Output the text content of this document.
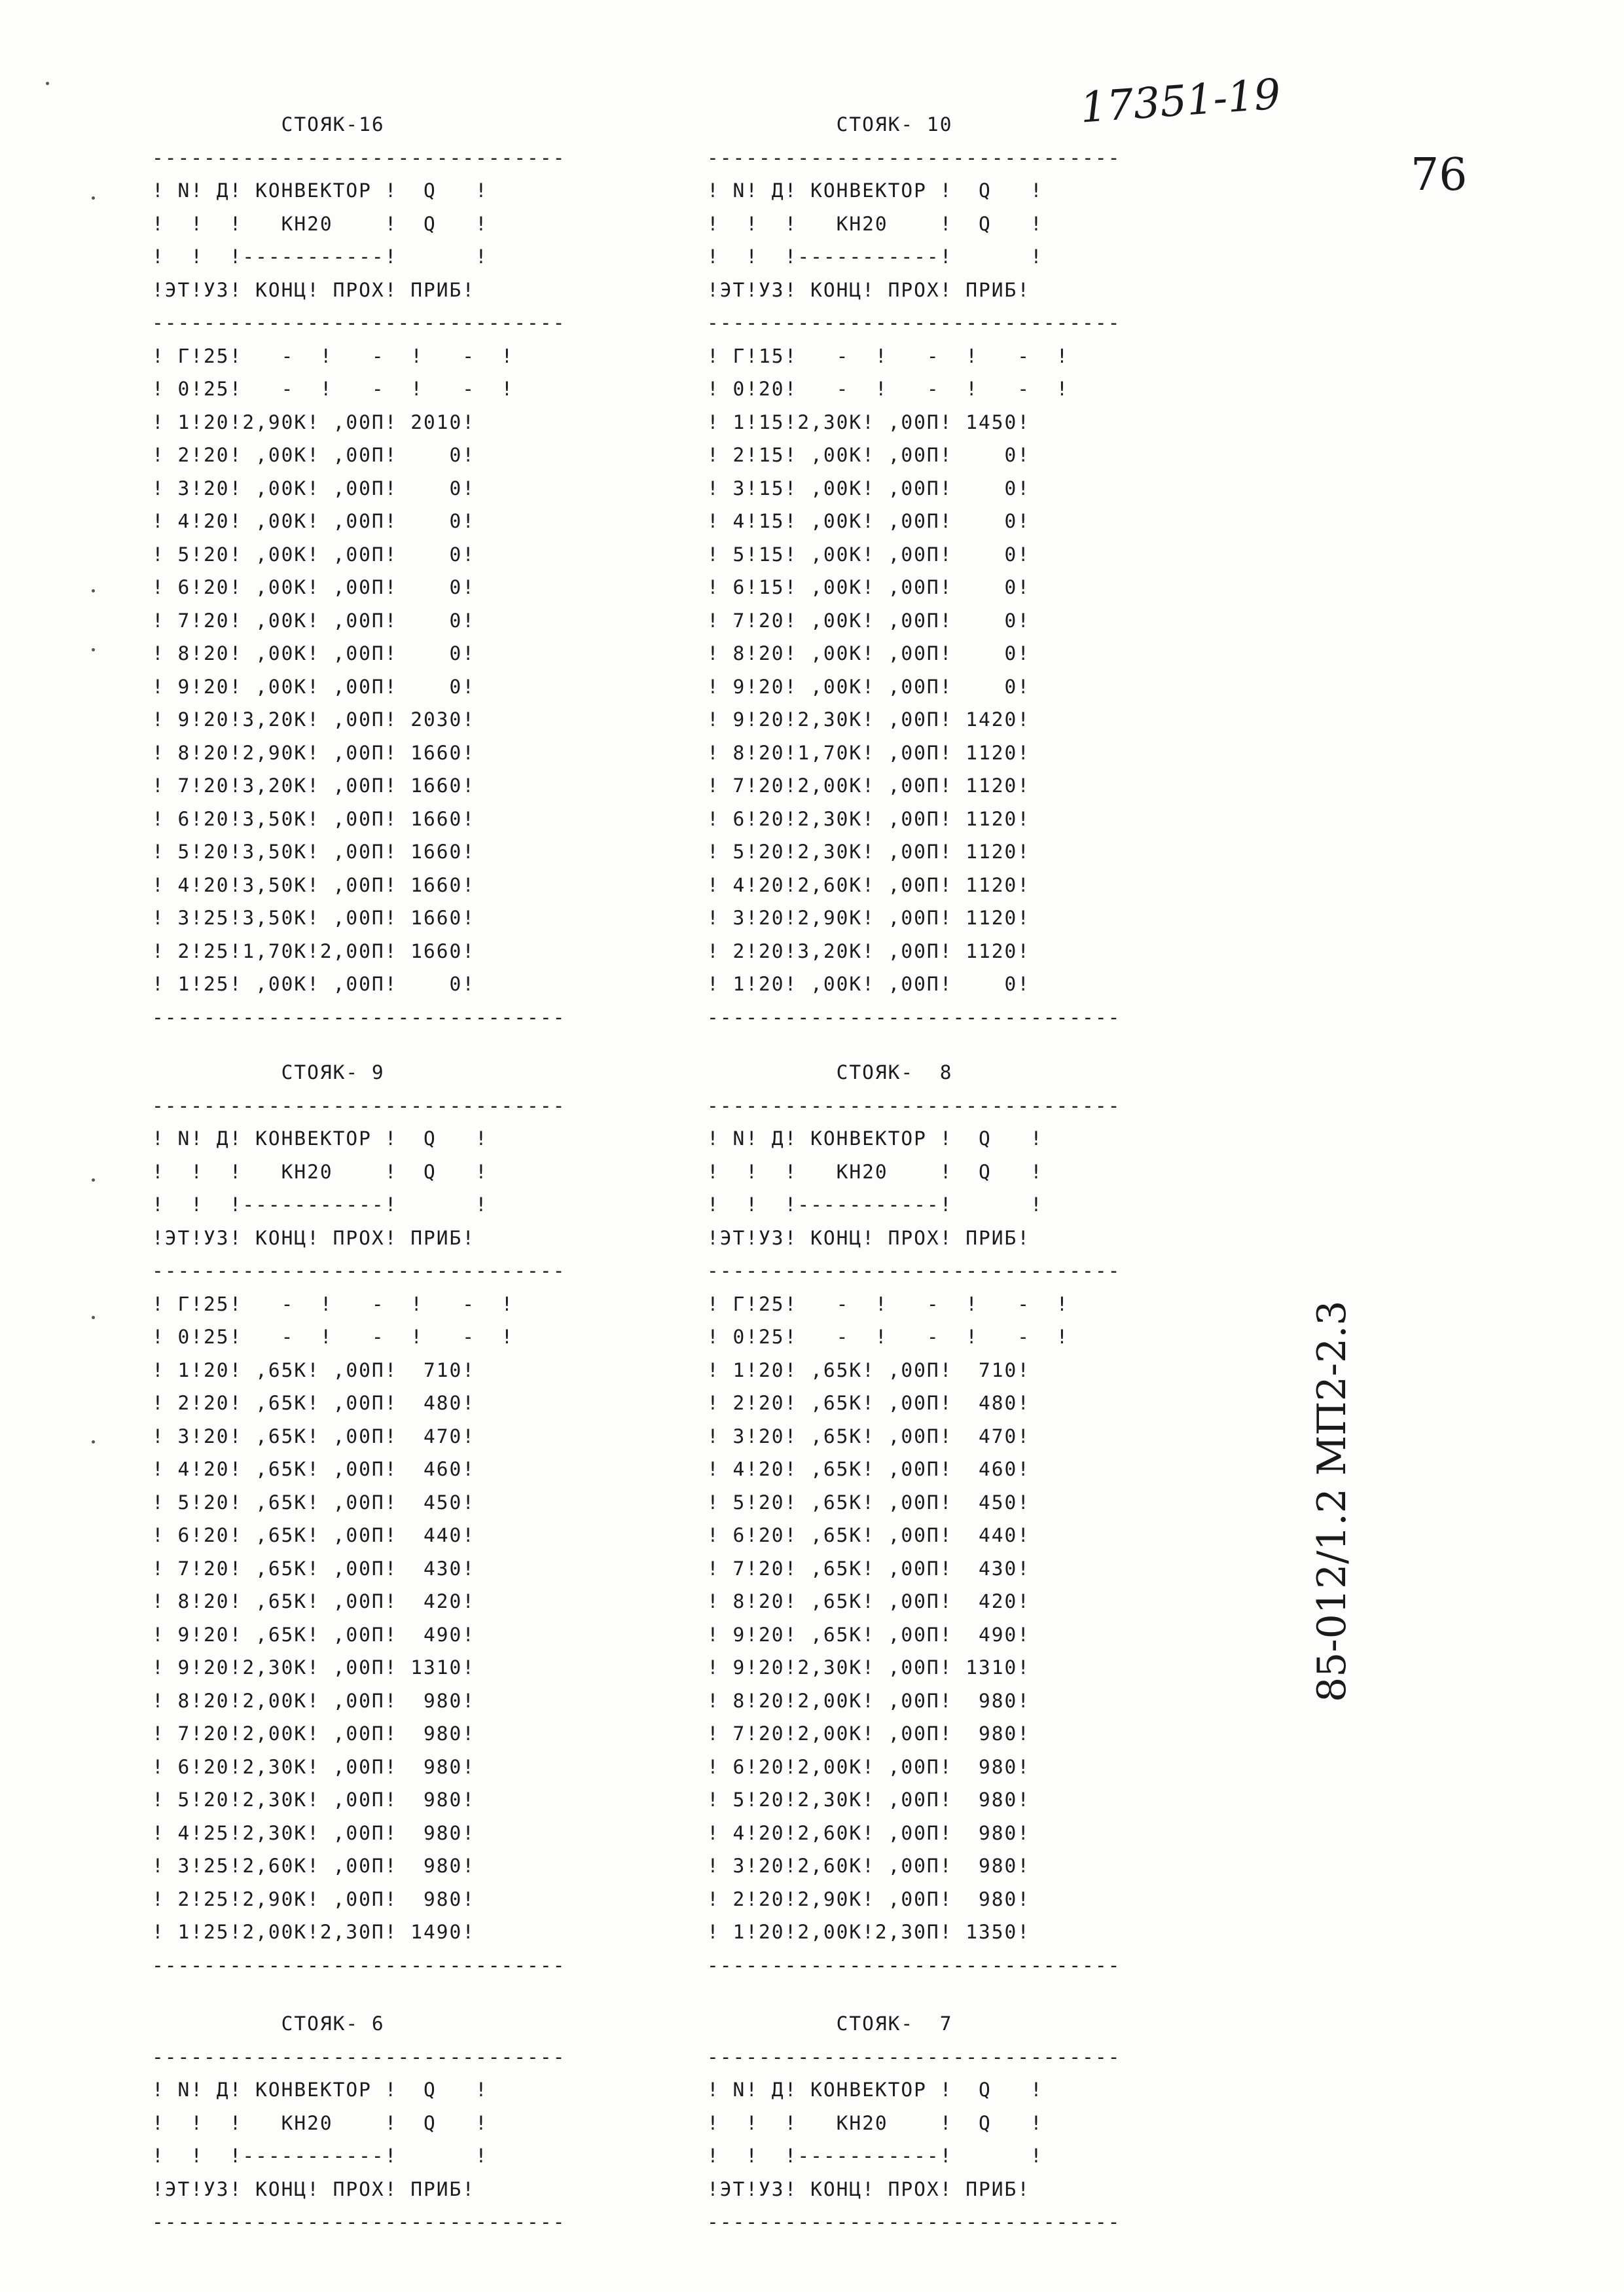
17351-19
76
85-012/1.2 МП2-2.3
СТОЯК-16
--------------------------------
! N! Д! КОНВЕКТОР !  Q   !
!  !  !   КН20    !  Q   !
!  !  !-----------!      !
!ЭТ!УЗ! КОНЦ! ПРОХ! ПРИБ!
--------------------------------
! Г!25!   -  !   -  !   -  !
! 0!25!   -  !   -  !   -  !
! 1!20!2,90К! ,00П! 2010!
! 2!20! ,00К! ,00П!    0!
! 3!20! ,00К! ,00П!    0!
! 4!20! ,00К! ,00П!    0!
! 5!20! ,00К! ,00П!    0!
! 6!20! ,00К! ,00П!    0!
! 7!20! ,00К! ,00П!    0!
! 8!20! ,00К! ,00П!    0!
! 9!20! ,00К! ,00П!    0!
! 9!20!3,20К! ,00П! 2030!
! 8!20!2,90К! ,00П! 1660!
! 7!20!3,20К! ,00П! 1660!
! 6!20!3,50К! ,00П! 1660!
! 5!20!3,50К! ,00П! 1660!
! 4!20!3,50К! ,00П! 1660!
! 3!25!3,50К! ,00П! 1660!
! 2!25!1,70К!2,00П! 1660!
! 1!25! ,00К! ,00П!    0!
--------------------------------
СТОЯК- 10
--------------------------------
! N! Д! КОНВЕКТОР !  Q   !
!  !  !   КН20    !  Q   !
!  !  !-----------!      !
!ЭТ!УЗ! КОНЦ! ПРОХ! ПРИБ!
--------------------------------
! Г!15!   -  !   -  !   -  !
! 0!20!   -  !   -  !   -  !
! 1!15!2,30К! ,00П! 1450!
! 2!15! ,00К! ,00П!    0!
! 3!15! ,00К! ,00П!    0!
! 4!15! ,00К! ,00П!    0!
! 5!15! ,00К! ,00П!    0!
! 6!15! ,00К! ,00П!    0!
! 7!20! ,00К! ,00П!    0!
! 8!20! ,00К! ,00П!    0!
! 9!20! ,00К! ,00П!    0!
! 9!20!2,30К! ,00П! 1420!
! 8!20!1,70К! ,00П! 1120!
! 7!20!2,00К! ,00П! 1120!
! 6!20!2,30К! ,00П! 1120!
! 5!20!2,30К! ,00П! 1120!
! 4!20!2,60К! ,00П! 1120!
! 3!20!2,90К! ,00П! 1120!
! 2!20!3,20К! ,00П! 1120!
! 1!20! ,00К! ,00П!    0!
--------------------------------
СТОЯК- 9
--------------------------------
! N! Д! КОНВЕКТОР !  Q   !
!  !  !   КН20    !  Q   !
!  !  !-----------!      !
!ЭТ!УЗ! КОНЦ! ПРОХ! ПРИБ!
--------------------------------
! Г!25!   -  !   -  !   -  !
! 0!25!   -  !   -  !   -  !
! 1!20! ,65К! ,00П!  710!
! 2!20! ,65К! ,00П!  480!
! 3!20! ,65К! ,00П!  470!
! 4!20! ,65К! ,00П!  460!
! 5!20! ,65К! ,00П!  450!
! 6!20! ,65К! ,00П!  440!
! 7!20! ,65К! ,00П!  430!
! 8!20! ,65К! ,00П!  420!
! 9!20! ,65К! ,00П!  490!
! 9!20!2,30К! ,00П! 1310!
! 8!20!2,00К! ,00П!  980!
! 7!20!2,00К! ,00П!  980!
! 6!20!2,30К! ,00П!  980!
! 5!20!2,30К! ,00П!  980!
! 4!25!2,30К! ,00П!  980!
! 3!25!2,60К! ,00П!  980!
! 2!25!2,90К! ,00П!  980!
! 1!25!2,00К!2,30П! 1490!
--------------------------------
СТОЯК-  8
--------------------------------
! N! Д! КОНВЕКТОР !  Q   !
!  !  !   КН20    !  Q   !
!  !  !-----------!      !
!ЭТ!УЗ! КОНЦ! ПРОХ! ПРИБ!
--------------------------------
! Г!25!   -  !   -  !   -  !
! 0!25!   -  !   -  !   -  !
! 1!20! ,65К! ,00П!  710!
! 2!20! ,65К! ,00П!  480!
! 3!20! ,65К! ,00П!  470!
! 4!20! ,65К! ,00П!  460!
! 5!20! ,65К! ,00П!  450!
! 6!20! ,65К! ,00П!  440!
! 7!20! ,65К! ,00П!  430!
! 8!20! ,65К! ,00П!  420!
! 9!20! ,65К! ,00П!  490!
! 9!20!2,30К! ,00П! 1310!
! 8!20!2,00К! ,00П!  980!
! 7!20!2,00К! ,00П!  980!
! 6!20!2,00К! ,00П!  980!
! 5!20!2,30К! ,00П!  980!
! 4!20!2,60К! ,00П!  980!
! 3!20!2,60К! ,00П!  980!
! 2!20!2,90К! ,00П!  980!
! 1!20!2,00К!2,30П! 1350!
--------------------------------
СТОЯК- 6
--------------------------------
! N! Д! КОНВЕКТОР !  Q   !
!  !  !   КН20    !  Q   !
!  !  !-----------!      !
!ЭТ!УЗ! КОНЦ! ПРОХ! ПРИБ!
--------------------------------
СТОЯК-  7
--------------------------------
! N! Д! КОНВЕКТОР !  Q   !
!  !  !   КН20    !  Q   !
!  !  !-----------!      !
!ЭТ!УЗ! КОНЦ! ПРОХ! ПРИБ!
--------------------------------
